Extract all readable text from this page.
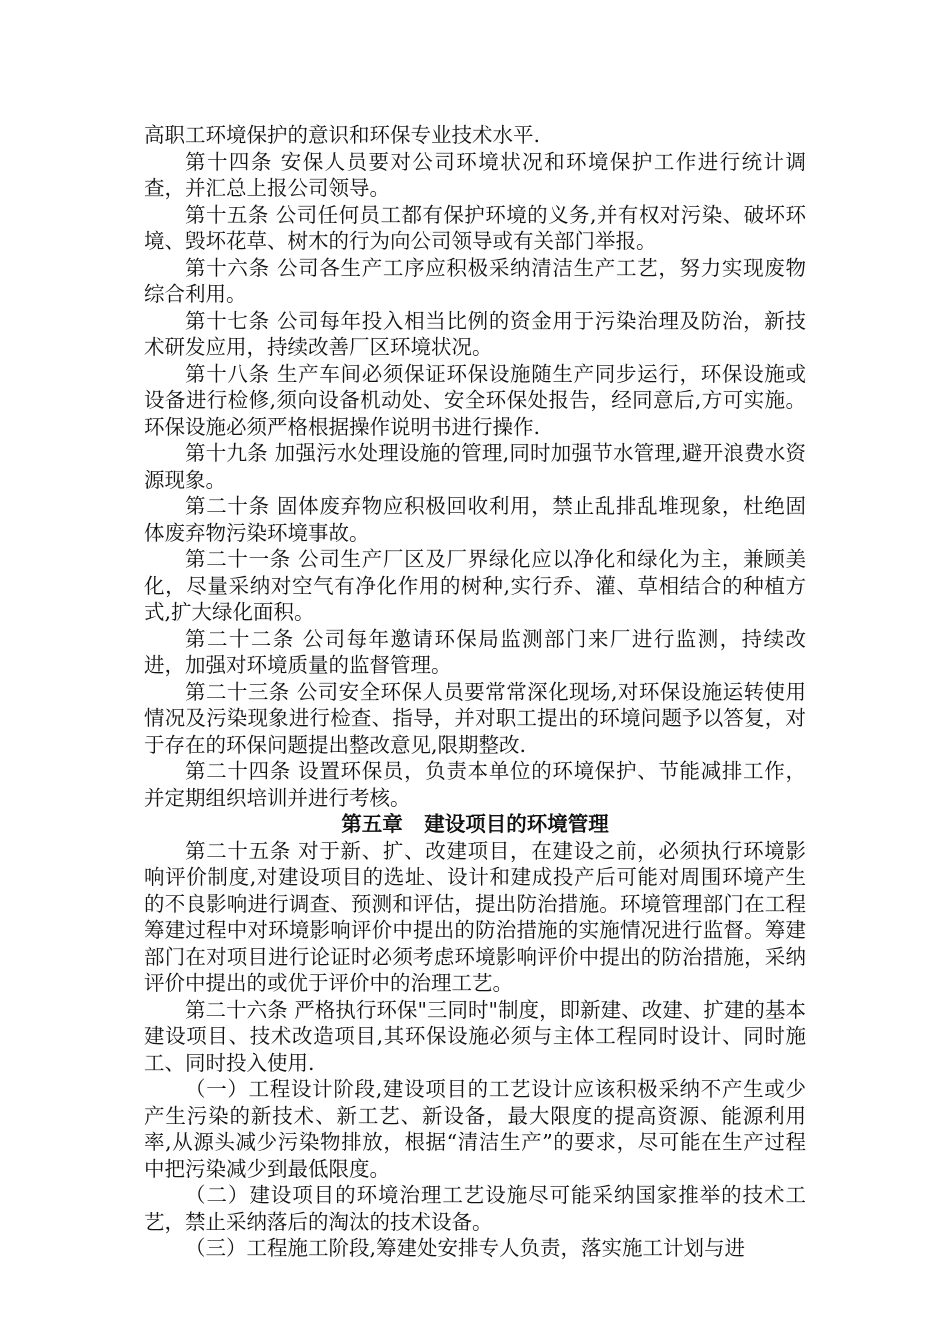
高职工环境保护的意识和环保专业技术水平.

第十四条 安保人员要对公司环境状况和环境保护工作进行统计调查，并汇总上报公司领导。

第十五条 公司任何员工都有保护环境的义务,并有权对污染、破坏环境、毁坏花草、树木的行为向公司领导或有关部门举报。

第十六条 公司各生产工序应积极采纳清洁生产工艺，努力实现废物综合利用。

第十七条 公司每年投入相当比例的资金用于污染治理及防治，新技术研发应用，持续改善厂区环境状况。

第十八条 生产车间必须保证环保设施随生产同步运行，环保设施或设备进行检修,须向设备机动处、安全环保处报告，经同意后,方可实施。环保设施必须严格根据操作说明书进行操作.

第十九条 加强污水处理设施的管理,同时加强节水管理,避开浪费水资源现象。

第二十条 固体废弃物应积极回收利用，禁止乱排乱堆现象，杜绝固体废弃物污染环境事故。

第二十一条 公司生产厂区及厂界绿化应以净化和绿化为主，兼顾美化，尽量采纳对空气有净化作用的树种,实行乔、灌、草相结合的种植方式,扩大绿化面积。

第二十二条 公司每年邀请环保局监测部门来厂进行监测，持续改进，加强对环境质量的监督管理。

第二十三条 公司安全环保人员要常常深化现场,对环保设施运转使用情况及污染现象进行检查、指导，并对职工提出的环境问题予以答复，对于存在的环保问题提出整改意见,限期整改.

第二十四条 设置环保员，负责本单位的环境保护、节能减排工作，并定期组织培训并进行考核。

第五章   建设项目的环境管理

第二十五条 对于新、扩、改建项目，在建设之前，必须执行环境影响评价制度,对建设项目的选址、设计和建成投产后可能对周围环境产生的不良影响进行调查、预测和评估，提出防治措施。环境管理部门在工程筹建过程中对环境影响评价中提出的防治措施的实施情况进行监督。筹建部门在对项目进行论证时必须考虑环境影响评价中提出的防治措施，采纳评价中提出的或优于评价中的治理工艺。

第二十六条 严格执行环保"三同时"制度，即新建、改建、扩建的基本建设项目、技术改造项目,其环保设施必须与主体工程同时设计、同时施工、同时投入使用.

（一）工程设计阶段,建设项目的工艺设计应该积极采纳不产生或少产生污染的新技术、新工艺、新设备，最大限度的提高资源、能源利用率,从源头减少污染物排放，根据“清洁生产”的要求，尽可能在生产过程中把污染减少到最低限度。

（二）建设项目的环境治理工艺设施尽可能采纳国家推举的技术工艺，禁止采纳落后的淘汰的技术设备。

（三）工程施工阶段,筹建处安排专人负责，落实施工计划与进
